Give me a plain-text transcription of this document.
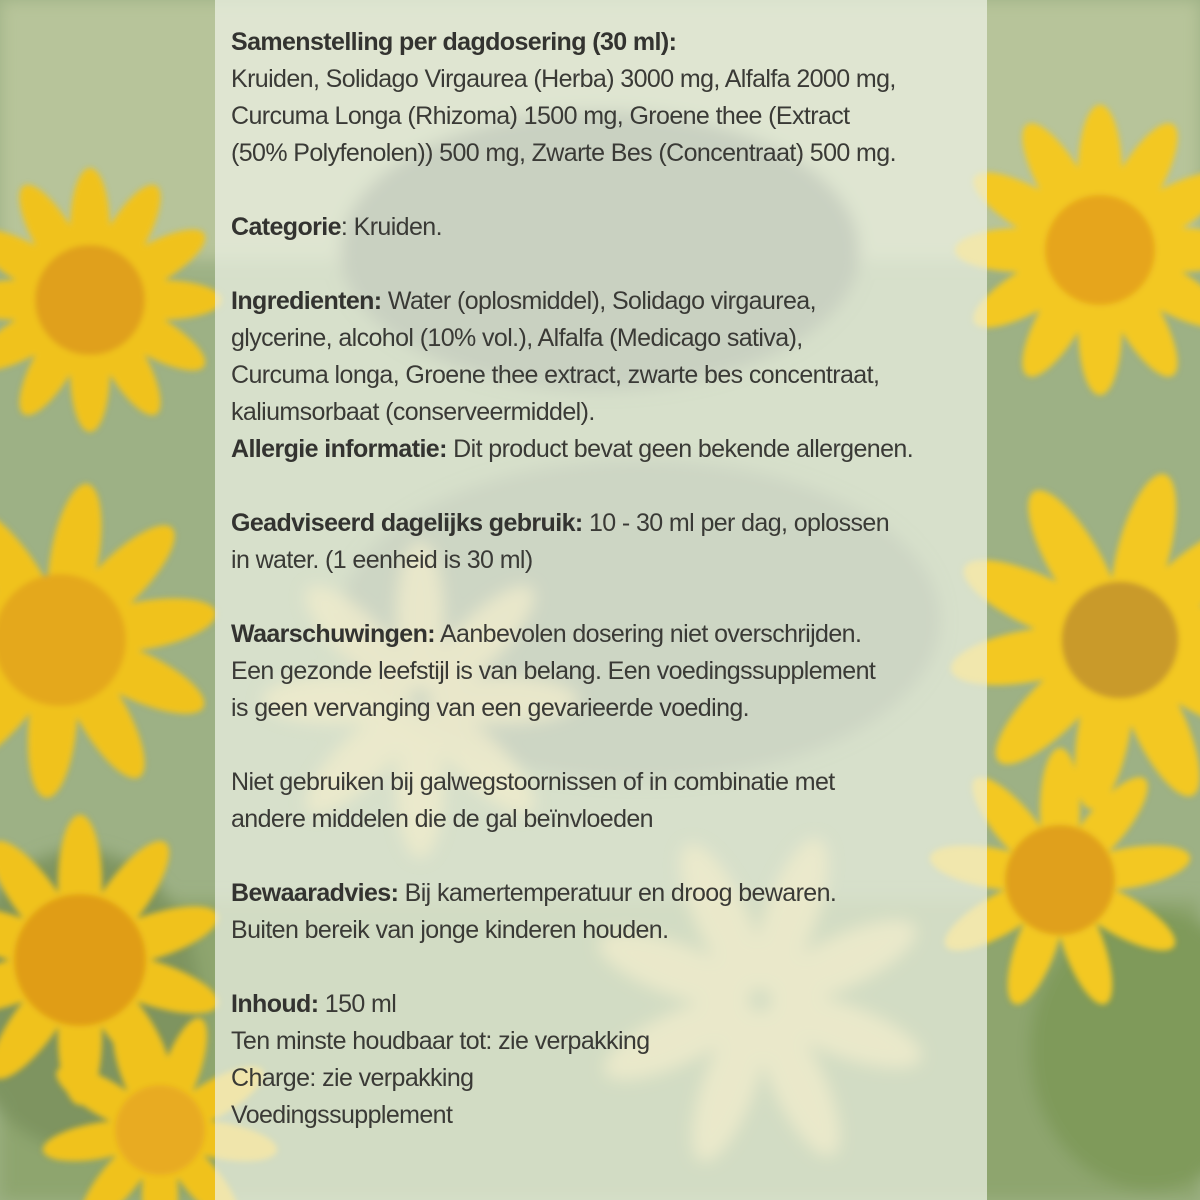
Samenstelling per dagdosering (30 ml):

Kruiden, Solidago Virgaurea (Herba) 3000 mg, Alfalfa 2000 mg,

Curcuma Longa (Rhizoma) 1500 mg, Groene thee (Extract

(50% Polyfenolen)) 500 mg, Zwarte Bes (Concentraat) 500 mg.

Categorie: Kruiden.

Ingredienten: Water (oplosmiddel), Solidago virgaurea,

glycerine, alcohol (10% vol.), Alfalfa (Medicago sativa),

Curcuma longa, Groene thee extract, zwarte bes concentraat,

kaliumsorbaat (conserveermiddel).

Allergie informatie: Dit product bevat geen bekende allergenen.

Geadviseerd dagelijks gebruik: 10 - 30 ml per dag, oplossen

in water. (1 eenheid is 30 ml)

Waarschuwingen: Aanbevolen dosering niet overschrijden.

Een gezonde leefstijl is van belang. Een voedingssupplement

is geen vervanging van een gevarieerde voeding.

Niet gebruiken bij galwegstoornissen of in combinatie met

andere middelen die de gal beïnvloeden

Bewaaradvies: Bij kamertemperatuur en droog bewaren.

Buiten bereik van jonge kinderen houden.

Inhoud: 150 ml

Ten minste houdbaar tot: zie verpakking

Charge: zie verpakking

Voedingssupplement
